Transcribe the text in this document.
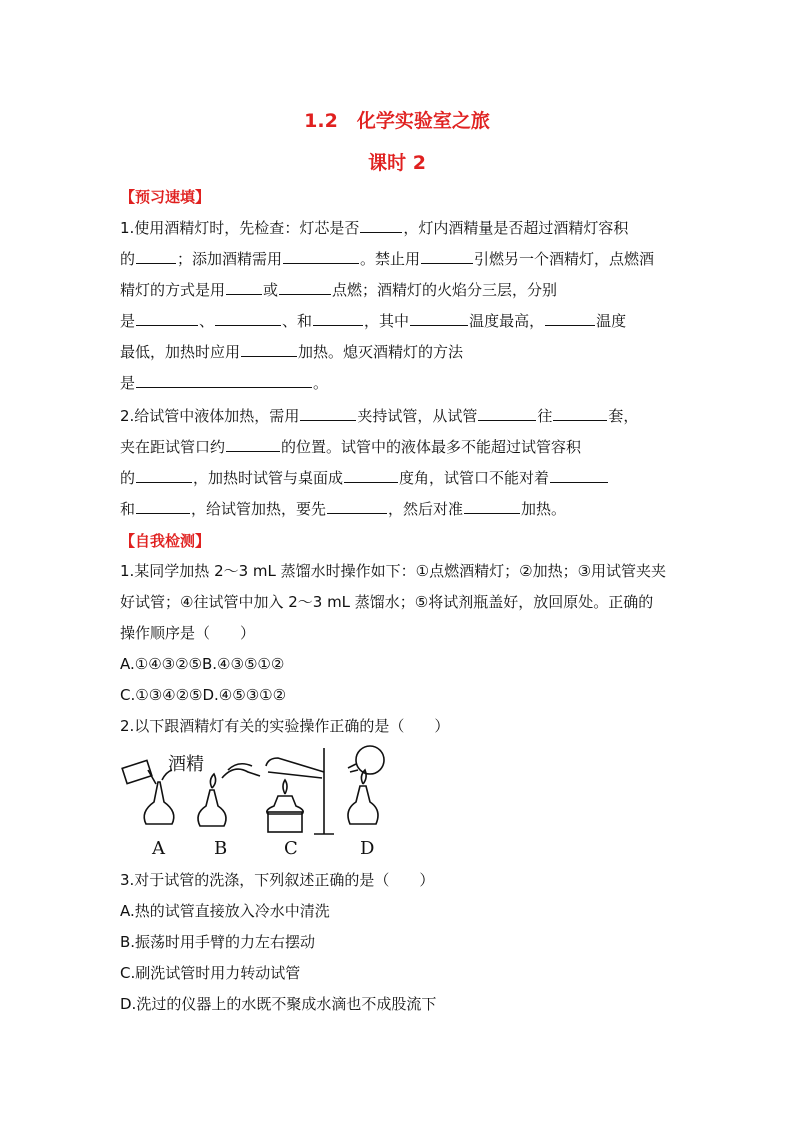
1.2　化学实验室之旅
课时 2
【预习速填】
1.使用酒精灯时，先检查：灯芯是否	，灯内酒精量是否超过酒精灯容积
的	；添加酒精需用	。禁止用	引燃另一个酒精灯，点燃酒
精灯的方式是用	或	点燃；酒精灯的火焰分三层，分别
是	、	、和	，其中	温度最高，	温度
最低，加热时应用	加热。熄灭酒精灯的方法
是	。
2.给试管中液体加热，需用	夹持试管，从试管	往	套，
夹在距试管口约	的位置。试管中的液体最多不能超过试管容积
的	，加热时试管与桌面成	度角，试管口不能对着
和	，给试管加热，要先	，然后对准	加热。
【自我检测】
1.某同学加热 2～3 mL 蒸馏水时操作如下：①点燃酒精灯；②加热；③用试管夹夹
好试管；④往试管中加入 2～3 mL 蒸馏水；⑤将试剂瓶盖好，放回原处。正确的
操作顺序是（　　）
A.①④③②⑤B.④③⑤①②
C.①③④②⑤D.④⑤③①②
2.以下跟酒精灯有关的实验操作正确的是（　　）
酒精
A	B	C	D
3.对于试管的洗涤，下列叙述正确的是（　　）
A.热的试管直接放入冷水中清洗
B.振荡时用手臂的力左右摆动
C.刷洗试管时用力转动试管
D.洗过的仪器上的水既不聚成水滴也不成股流下
